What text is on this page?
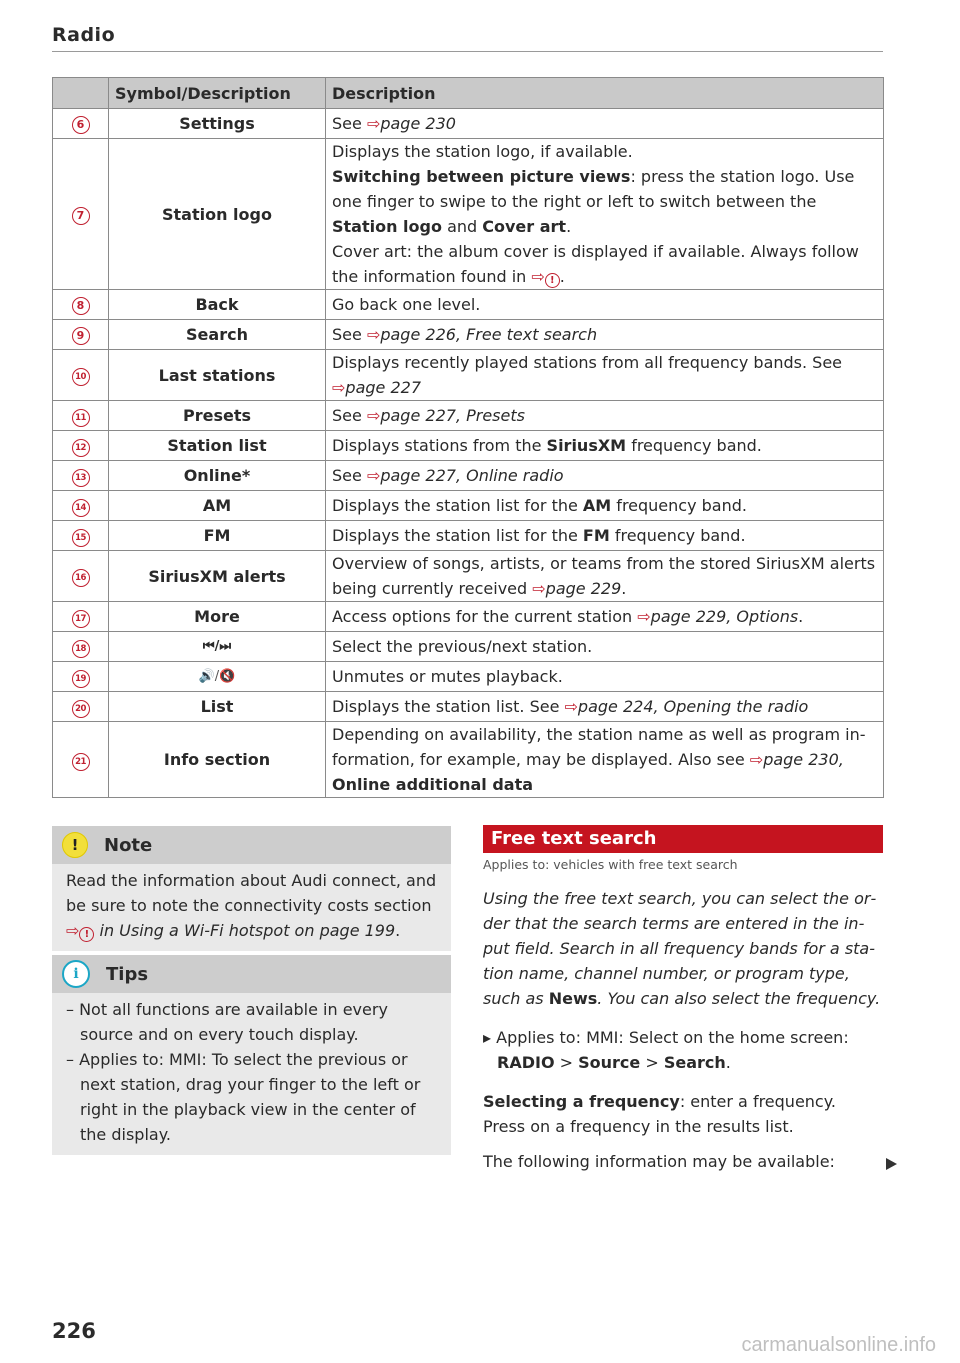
Radio
	Symbol/Description	Description
6	Settings	See ⇨page 230
7	Station logo	Displays the station logo, if available.
Switching between picture views: press the station logo. Use one finger to swipe to the right or left to switch between the Station logo and Cover art.
Cover art: the album cover is displayed if available. Always follow the information found in ⇨ ! .
8	Back	Go back one level.
9	Search	See ⇨page 226, Free text search
10	Last stations	Displays recently played stations from all frequency bands. See ⇨page 227
11	Presets	See ⇨page 227, Presets
12	Station list	Displays stations from the SiriusXM frequency band.
13	Online*	See ⇨page 227, Online radio
14	AM	Displays the station list for the AM frequency band.
15	FM	Displays the station list for the FM frequency band.
16	SiriusXM alerts	Overview of songs, artists, or teams from the stored SiriusXM alerts being currently received ⇨page 229.
17	More	Access options for the current station ⇨page 229, Options.
18	⏮/⏭	Select the previous/next station.
19	🔊/🔇	Unmutes or mutes playback.
20	List	Displays the station list. See ⇨page 224, Opening the radio
21	Info section	Depending on availability, the station name as well as program information, for example, may be displayed. Also see ⇨page 230, Online additional data
!	Note
Read the information about Audi connect, and be sure to note the connectivity costs section ⇨ ! in Using a Wi-Fi hotspot on page 199.
i	Tips
– Not all functions are available in every source and on every touch display.
– Applies to: MMI: To select the previous or next station, drag your finger to the left or right in the playback view in the center of the display.
Free text search
Applies to: vehicles with free text search
Using the free text search, you can select the order that the search terms are entered in the input field. Search in all frequency bands for a station name, channel number, or program type, such as News. You can also select the frequency.
▸ Applies to: MMI: Select on the home screen: RADIO > Source > Search.
Selecting a frequency: enter a frequency. Press on a frequency in the results list.
The following information may be available:
226
carmanualsonline.info
